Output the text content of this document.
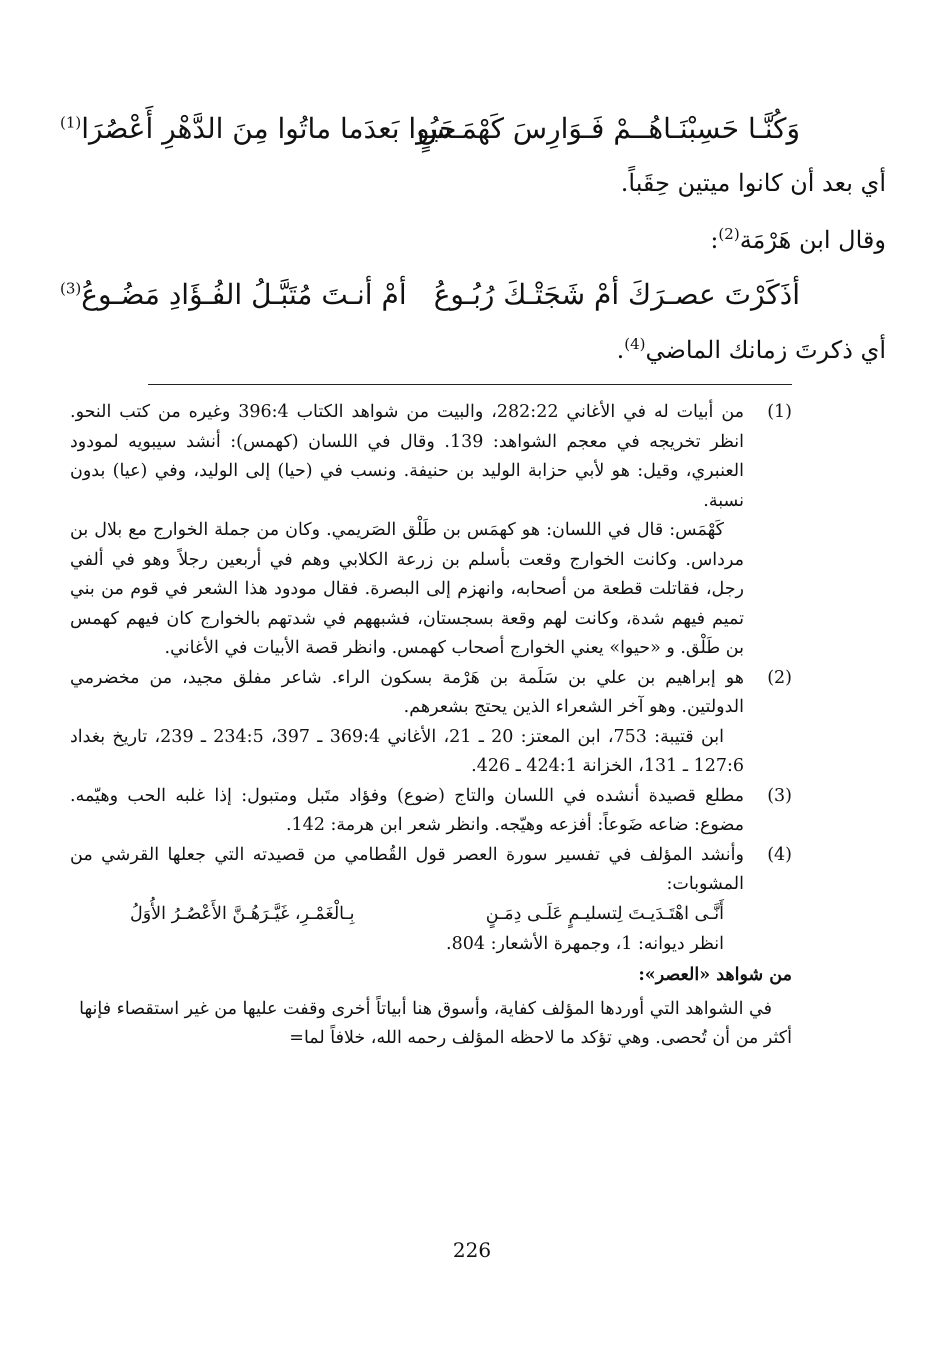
وَكُنَّـا حَسِبْنَـاهُــمْ فَـوَارِسَ كَهْمَـسٍ
حَيُوا بَعدَما ماتُوا مِنَ الدَّهْرِ أَعْصُرَا$^{(1)}$
أي بعد أن كانوا ميتين حِقَباً.
وقال ابن هَرْمَة$^{(2)}$:
أذَكَرْتَ عصـرَكَ أمْ شَجَتْـكَ رُبُـوعُ
أمْ أنـتَ مُتَبَّـلُ الفُـؤَادِ مَضُـوعُ$^{(3)}$
أي ذكرتَ زمانك الماضي$^{(4)}$.
(1)

من أبيات له في الأغاني 282:22، والبيت من شواهد الكتاب 396:4 وغيره من كتب النحو. انظر تخريجه في معجم الشواهد: 139. وقال في اللسان (كهمس): أنشد سيبويه لمودود العنبري، وقيل: هو لأبي حزابة الوليد بن حنيفة. ونسب في (حيا) إلى الوليد، وفي (عيا) بدون نسبة.

كَهْمَس: قال في اللسان: هو كهمَس بن طَلْق الصَريمي. وكان من جملة الخوارج مع بلال بن مرداس. وكانت الخوارج وقعت بأسلم بن زرعة الكلابي وهم في أربعين رجلاً وهو في ألفي رجل، فقاتلت قطعة من أصحابه، وانهزم إلى البصرة. فقال مودود هذا الشعر في قوم من بني تميم فيهم شدة، وكانت لهم وقعة بسجستان، فشبههم في شدتهم بالخوارج كان فيهم كهمس بن طَلْق. و «حيوا» يعني الخوارج أصحاب كهمس. وانظر قصة الأبيات في الأغاني.

(2)

هو إبراهيم بن علي بن سَلَمة بن هَرْمة بسكون الراء. شاعر مفلق مجيد، من مخضرمي الدولتين. وهو آخر الشعراء الذين يحتج بشعرهم.

ابن قتيبة: 753، ابن المعتز: 20 ـ 21، الأغاني 369:4 ـ 397، 234:5 ـ 239، تاريخ بغداد 127:6 ـ 131، الخزانة 424:1 ـ 426.

(3)

مطلع قصيدة أنشده في اللسان والتاج (ضوع) وفؤاد متَبل ومتبول: إذا غلبه الحب وهيّمه. مضوع: ضاعه ضَوعاً: أفزعه وهيّجه. وانظر شعر ابن هرمة: 142.

(4)

وأنشد المؤلف في تفسير سورة العصر قول القُطامي من قصيدته التي جعلها القرشي من المشوبات:

أَنَّـى اهْتَـدَيـتَ لِتسليـمٍ عَلَـى دِمَـنٍ
بِـالْغَمْـرِ، غَيَّـرَهُـنَّ الأَعْصُـرُ الأُوَلُ

انظر ديوانه: 1، وجمهرة الأشعار: 804.

من شواهد «العصر»:

في الشواهد التي أوردها المؤلف كفاية، وأسوق هنا أبياتاً أخرى وقفت عليها من غير استقصاء فإنها أكثر من أن تُحصى. وهي تؤكد ما لاحظه المؤلف رحمه الله، خلافاً لما=

226
